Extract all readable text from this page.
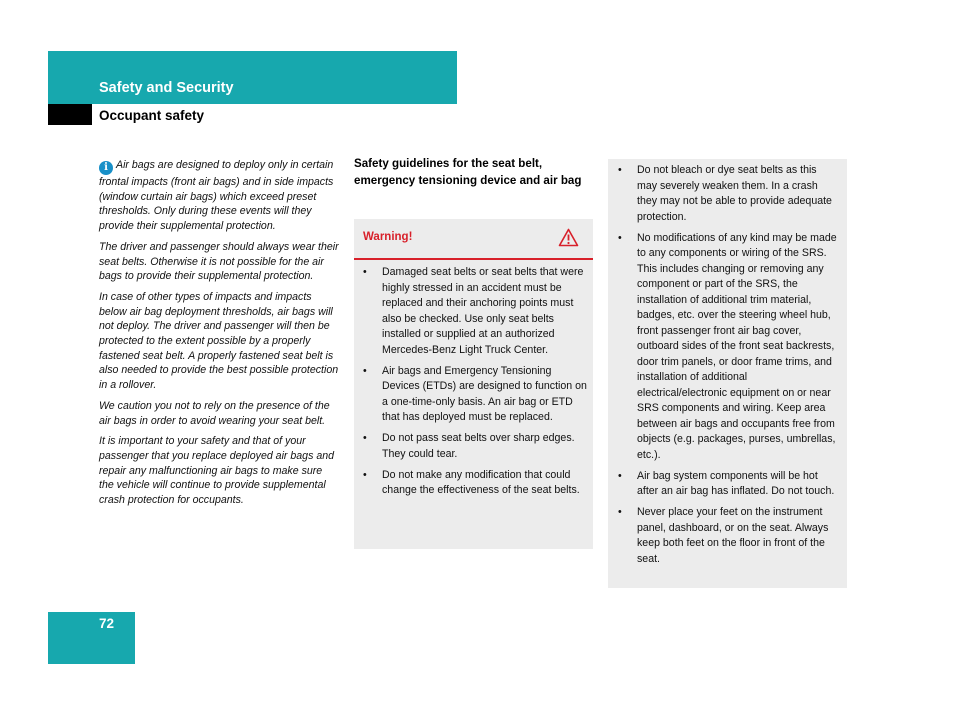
Safety and Security
Occupant safety

i Air bags are designed to deploy only in certain frontal impacts (front air bags) and in side impacts (window curtain air bags) which exceed preset thresholds. Only during these events will they provide their supplemental protection.

The driver and passenger should always wear their seat belts. Otherwise it is not possible for the air bags to provide their supplemental protection.

In case of other types of impacts and impacts below air bag deployment thresholds, air bags will not deploy. The driver and passenger will then be protected to the extent possible by a properly fastened seat belt. A properly fastened seat belt is also needed to provide the best possible protection in a rollover.

We caution you not to rely on the presence of the air bags in order to avoid wearing your seat belt.

It is important to your safety and that of your passenger that you replace deployed air bags and repair any malfunctioning air bags to make sure the vehicle will continue to provide supplemental crash protection for occupants.

Safety guidelines for the seat belt, emergency tensioning device and air bag
Warning!
• Damaged seat belts or seat belts that were highly stressed in an accident must be replaced and their anchoring points must also be checked. Use only seat belts installed or supplied at an authorized Mercedes-Benz Light Truck Center.
• Air bags and Emergency Tensioning Devices (ETDs) are designed to function on a one-time-only basis. An air bag or ETD that has deployed must be replaced.
• Do not pass seat belts over sharp edges. They could tear.
• Do not make any modification that could change the effectiveness of the seat belts.
• Do not bleach or dye seat belts as this may severely weaken them. In a crash they may not be able to provide adequate protection.
• No modifications of any kind may be made to any components or wiring of the SRS. This includes changing or removing any component or part of the SRS, the installation of additional trim material, badges, etc. over the steering wheel hub, front passenger front air bag cover, outboard sides of the front seat backrests, door trim panels, or door frame trims, and installation of additional electrical/electronic equipment on or near SRS components and wiring. Keep area between air bags and occupants free from objects (e.g. packages, purses, umbrellas, etc.).
• Air bag system components will be hot after an air bag has inflated. Do not touch.
• Never place your feet on the instrument panel, dashboard, or on the seat. Always keep both feet on the floor in front of the seat.
72
